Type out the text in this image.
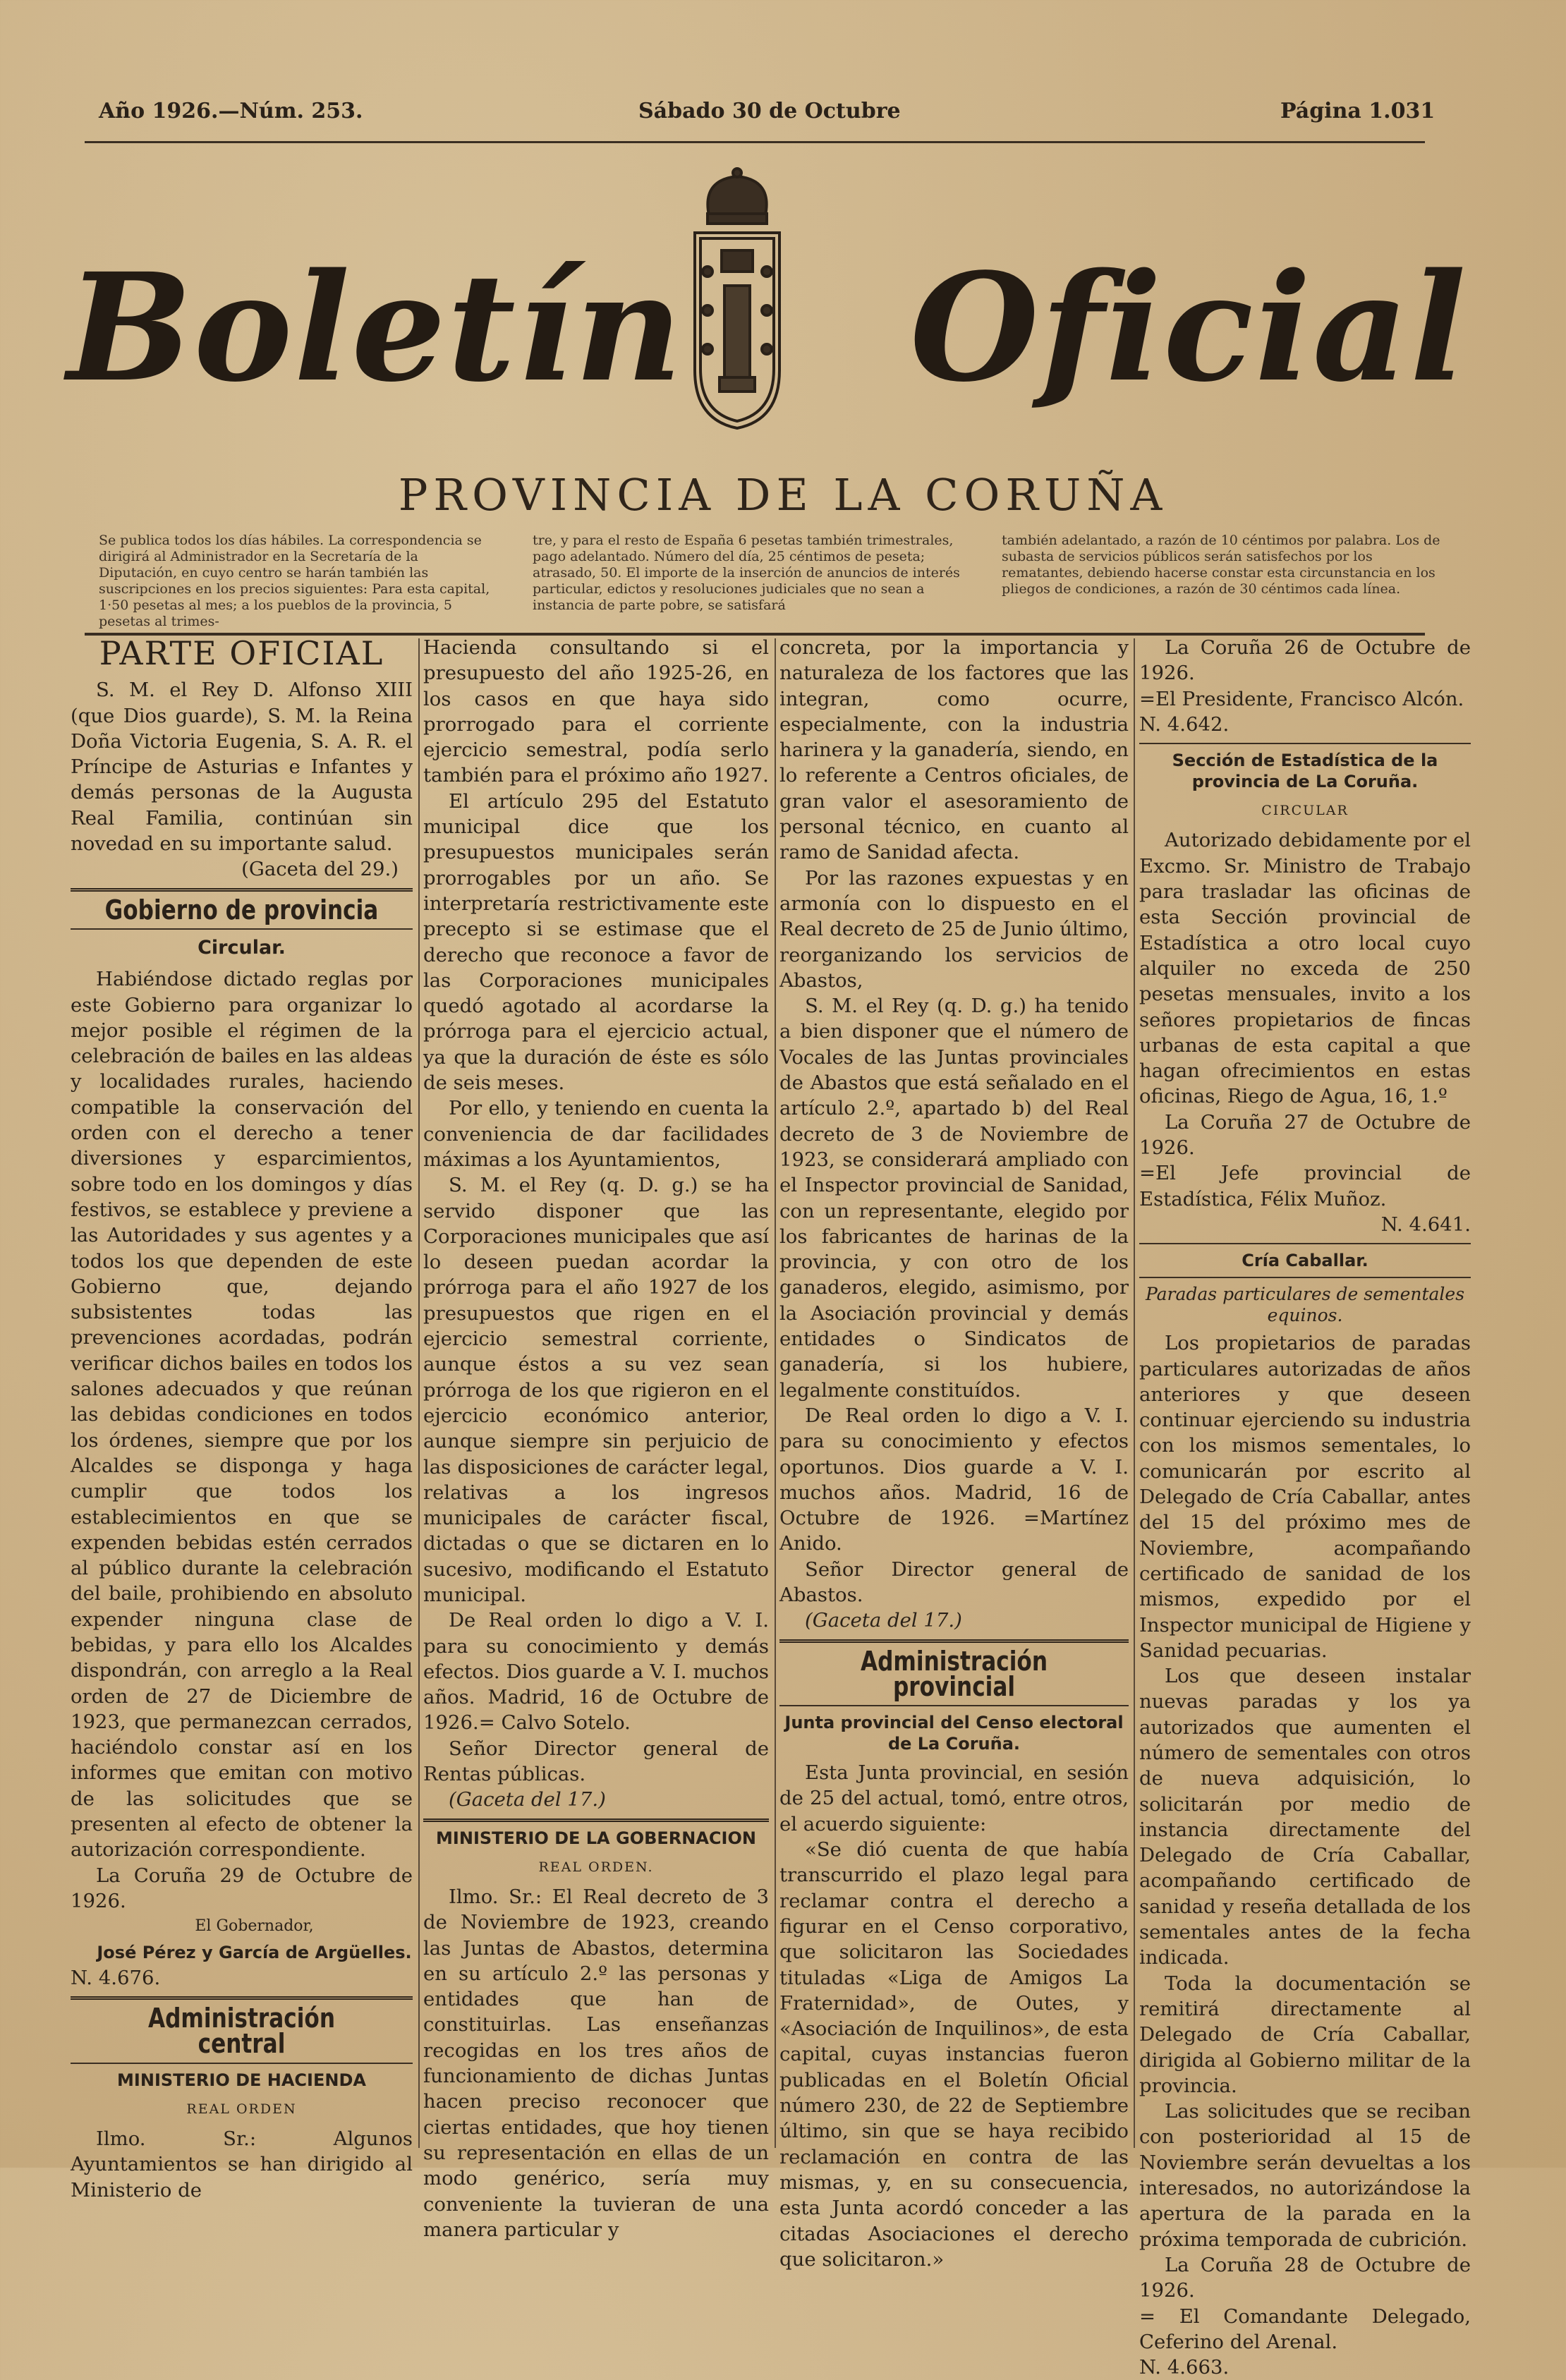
Año 1926.—Núm. 253.	Sábado 30 de Octubre	Página 1.031
Boletín Oficial
PROVINCIA DE LA CORUÑA
Se publica todos los días hábiles. La correspondencia se dirigirá al Administrador en la Secretaría de la Diputación, en cuyo centro se harán también las suscripciones en los precios siguientes: Para esta capital, 1·50 pesetas al mes; a los pueblos de la provincia, 5 pesetas al trimes-
tre, y para el resto de España 6 pesetas también trimestrales, pago adelantado. Número del día, 25 céntimos de peseta; atrasado, 50. El importe de la inserción de anuncios de interés particular, edictos y resoluciones judiciales que no sean a instancia de parte pobre, se satisfará
también adelantado, a razón de 10 céntimos por palabra. Los de subasta de servicios públicos serán satisfechos por los rematantes, debiendo hacerse constar esta circunstancia en los pliegos de condiciones, a razón de 30 céntimos cada línea.
PARTE OFICIAL

S. M. el Rey D. Alfonso XIII (que Dios guarde), S. M. la Reina Doña Victoria Eugenia, S. A. R. el Príncipe de Asturias e Infantes y demás personas de la Augusta Real Familia, continúan sin novedad en su importante salud.

(Gaceta del 29.)

Gobierno de provincia
Circular.

Habiéndose dictado reglas por este Gobierno para organizar lo mejor posible el régimen de la celebración de bailes en las aldeas y localidades rurales, haciendo compatible la conservación del orden con el derecho a tener diversiones y esparcimientos, sobre todo en los domingos y días festivos, se establece y previene a las Autoridades y sus agentes y a todos los que dependen de este Gobierno que, dejando subsistentes todas las prevenciones acordadas, podrán verificar dichos bailes en todos los salones adecuados y que reúnan las debidas condiciones en todos los órdenes, siempre que por los Alcaldes se disponga y haga cumplir que todos los establecimientos en que se expenden bebidas estén cerrados al público durante la celebración del baile, prohibiendo en absoluto expender ninguna clase de bebidas, y para ello los Alcaldes dispondrán, con arreglo a la Real orden de 27 de Diciembre de 1923, que permanezcan cerrados, haciéndolo constar así en los informes que emitan con motivo de las solicitudes que se presenten al efecto de obtener la autorización correspondiente.

La Coruña 29 de Octubre de 1926.

El Gobernador,

José Pérez y García de Argüelles.

N. 4.676.

Administración central
MINISTERIO DE HACIENDA
REAL ORDEN

Ilmo. Sr.: Algunos Ayuntamientos se han dirigido al Ministerio de

Hacienda consultando si el presupuesto del año 1925-26, en los casos en que haya sido prorrogado para el corriente ejercicio semestral, podía serlo también para el próximo año 1927.

El artículo 295 del Estatuto municipal dice que los presupuestos municipales serán prorrogables por un año. Se interpretaría restrictivamente este precepto si se estimase que el derecho que reconoce a favor de las Corporaciones municipales quedó agotado al acordarse la prórroga para el ejercicio actual, ya que la duración de éste es sólo de seis meses.

Por ello, y teniendo en cuenta la conveniencia de dar facilidades máximas a los Ayuntamientos,

S. M. el Rey (q. D. g.) se ha servido disponer que las Corporaciones municipales que así lo deseen puedan acordar la prórroga para el año 1927 de los presupuestos que rigen en el ejercicio semestral corriente, aunque éstos a su vez sean prórroga de los que rigieron en el ejercicio económico anterior, aunque siempre sin perjuicio de las disposiciones de carácter legal, relativas a los ingresos municipales de carácter fiscal, dictadas o que se dictaren en lo sucesivo, modificando el Estatuto municipal.

De Real orden lo digo a V. I. para su conocimiento y demás efectos. Dios guarde a V. I. muchos años. Madrid, 16 de Octubre de 1926.= Calvo Sotelo.

Señor Director general de Rentas públicas.

(Gaceta del 17.)

MINISTERIO DE LA GOBERNACION
REAL ORDEN.

Ilmo. Sr.: El Real decreto de 3 de Noviembre de 1923, creando las Juntas de Abastos, determina en su artículo 2.º las personas y entidades que han de constituirlas. Las enseñanzas recogidas en los tres años de funcionamiento de dichas Juntas hacen preciso reconocer que ciertas entidades, que hoy tienen su representación en ellas de un modo genérico, sería muy conveniente la tuvieran de una manera particular y

concreta, por la importancia y naturaleza de los factores que las integran, como ocurre, especialmente, con la industria harinera y la ganadería, siendo, en lo referente a Centros oficiales, de gran valor el asesoramiento de personal técnico, en cuanto al ramo de Sanidad afecta.

Por las razones expuestas y en armonía con lo dispuesto en el Real decreto de 25 de Junio último, reorganizando los servicios de Abastos,

S. M. el Rey (q. D. g.) ha tenido a bien disponer que el número de Vocales de las Juntas provinciales de Abastos que está señalado en el artículo 2.º, apartado b) del Real decreto de 3 de Noviembre de 1923, se considerará ampliado con el Inspector provincial de Sanidad, con un representante, elegido por los fabricantes de harinas de la provincia, y con otro de los ganaderos, elegido, asimismo, por la Asociación provincial y demás entidades o Sindicatos de ganadería, si los hubiere, legalmente constituídos.

De Real orden lo digo a V. I. para su conocimiento y efectos oportunos. Dios guarde a V. I. muchos años. Madrid, 16 de Octubre de 1926. =Martínez Anido.

Señor Director general de Abastos.

(Gaceta del 17.)

Administración provincial
Junta provincial del Censo electoral de La Coruña.

Esta Junta provincial, en sesión de 25 del actual, tomó, entre otros, el acuerdo siguiente:

«Se dió cuenta de que había transcurrido el plazo legal para reclamar contra el derecho a figurar en el Censo corporativo, que solicitaron las Sociedades tituladas «Liga de Amigos La Fraternidad», de Outes, y «Asociación de Inquilinos», de esta capital, cuyas instancias fueron publicadas en el Boletín Oficial número 230, de 22 de Septiembre último, sin que se haya recibido reclamación en contra de las mismas, y, en su consecuencia, esta Junta acordó conceder a las citadas Asociaciones el derecho que solicitaron.»

La Coruña 26 de Octubre de 1926.

=El Presidente, Francisco Alcón.

N. 4.642.

Sección de Estadística de la provincia de La Coruña.
CIRCULAR

Autorizado debidamente por el Excmo. Sr. Ministro de Trabajo para trasladar las oficinas de esta Sección provincial de Estadística a otro local cuyo alquiler no exceda de 250 pesetas mensuales, invito a los señores propietarios de fincas urbanas de esta capital a que hagan ofrecimientos en estas oficinas, Riego de Agua, 16, 1.º

La Coruña 27 de Octubre de 1926.

=El Jefe provincial de Estadística, Félix Muñoz.

N. 4.641.

Cría Caballar.
Paradas particulares de sementales equinos.

Los propietarios de paradas particulares autorizadas de años anteriores y que deseen continuar ejerciendo su industria con los mismos sementales, lo comunicarán por escrito al Delegado de Cría Caballar, antes del 15 del próximo mes de Noviembre, acompañando certificado de sanidad de los mismos, expedido por el Inspector municipal de Higiene y Sanidad pecuarias.

Los que deseen instalar nuevas paradas y los ya autorizados que aumenten el número de sementales con otros de nueva adquisición, lo solicitarán por medio de instancia directamente del Delegado de Cría Caballar, acompañando certificado de sanidad y reseña detallada de los sementales antes de la fecha indicada.

Toda la documentación se remitirá directamente al Delegado de Cría Caballar, dirigida al Gobierno militar de la provincia.

Las solicitudes que se reciban con posterioridad al 15 de Noviembre serán devueltas a los interesados, no autorizándose la apertura de la parada en la próxima temporada de cubrición.

La Coruña 28 de Octubre de 1926.

= El Comandante Delegado, Ceferino del Arenal.

N. 4.663.
